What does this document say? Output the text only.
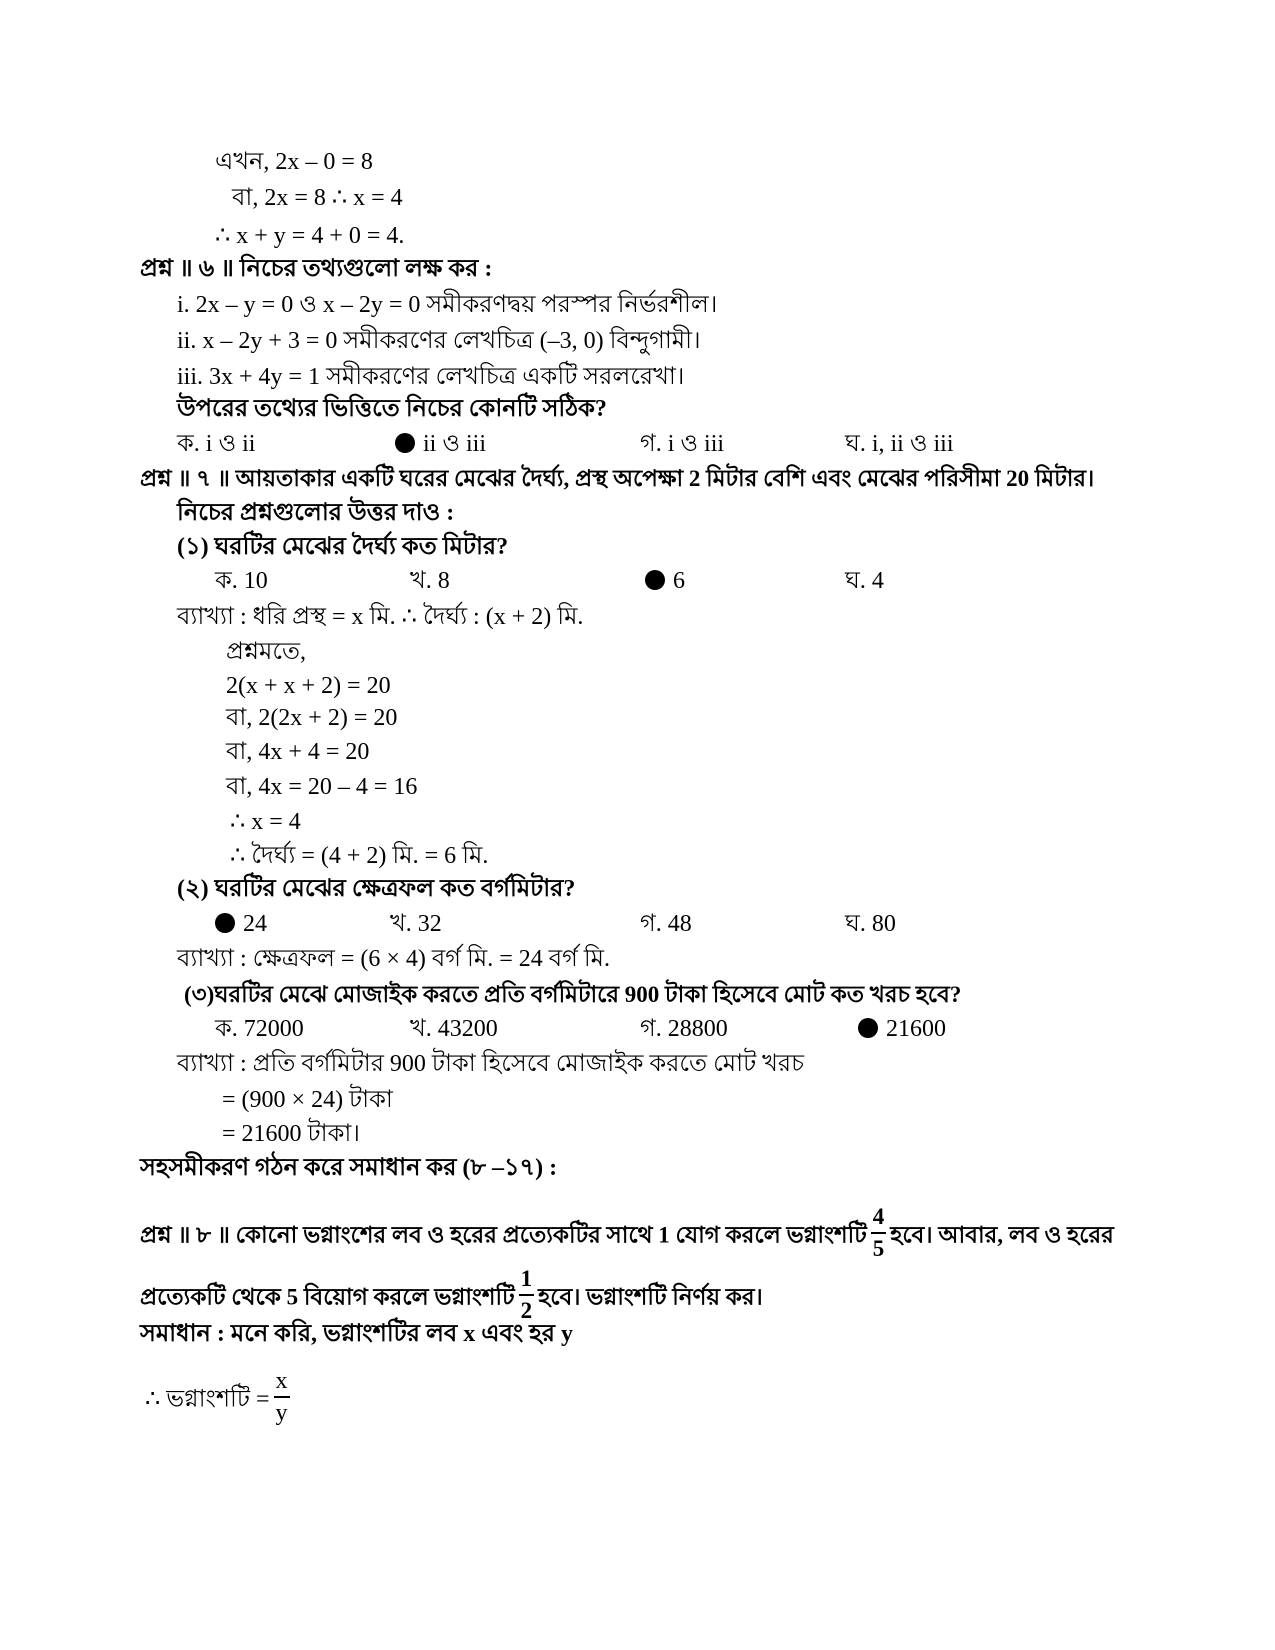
এখন, 2x – 0 = 8
বা, 2x = 8 ∴ x = 4
∴ x + y = 4 + 0 = 4.
প্রশ্ন ॥ ৬ ॥ নিচের তথ্যগুলো লক্ষ কর :
i. 2x – y = 0 ও x – 2y = 0 সমীকরণদ্বয় পরস্পর নির্ভরশীল।
ii. x – 2y + 3 = 0 সমীকরণের লেখচিত্র (–3, 0) বিন্দুগামী।
iii. 3x + 4y = 1 সমীকরণের লেখচিত্র একটি সরলরেখা।
উপরের তথ্যের ভিত্তিতে নিচের কোনটি সঠিক?
ক. i ও ii	ii ও iii	গ. i ও iii	ঘ. i, ii ও iii
প্রশ্ন ॥ ৭ ॥ আয়তাকার একটি ঘরের মেঝের দৈর্ঘ্য, প্রস্থ অপেক্ষা 2 মিটার বেশি এবং মেঝের পরিসীমা 20 মিটার।
নিচের প্রশ্নগুলোর উত্তর দাও :
(১) ঘরটির মেঝের দৈর্ঘ্য কত মিটার?
ক. 10	খ. 8	6	ঘ. 4
ব্যাখ্যা : ধরি প্রস্থ = x মি. ∴ দৈর্ঘ্য : (x + 2) মি.
প্রশ্নমতে,
2(x + x + 2) = 20
বা, 2(2x + 2) = 20
বা, 4x + 4 = 20
বা, 4x = 20 – 4 = 16
∴ x = 4
∴ দৈর্ঘ্য = (4 + 2) মি. = 6 মি.
(২) ঘরটির মেঝের ক্ষেত্রফল কত বর্গমিটার?
24	খ. 32	গ. 48	ঘ. 80
ব্যাখ্যা : ক্ষেত্রফল = (6 × 4) বর্গ মি. = 24 বর্গ মি.
(৩)ঘরটির মেঝে মোজাইক করতে প্রতি বর্গমিটারে 900 টাকা হিসেবে মোট কত খরচ হবে?
ক. 72000	খ. 43200	গ. 28800	21600
ব্যাখ্যা : প্রতি বর্গমিটার 900 টাকা হিসেবে মোজাইক করতে মোট খরচ
= (900 × 24) টাকা
= 21600 টাকা।
সহসমীকরণ গঠন করে সমাধান কর (৮ –১৭) :
প্রশ্ন ॥ ৮ ॥ কোনো ভগ্নাংশের লব ও হরের প্রত্যেকটির সাথে 1 যোগ করলে ভগ্নাংশটি $\frac{4}{5}$ হবে। আবার, লব ও হরের
প্রত্যেকটি থেকে 5 বিয়োগ করলে ভগ্নাংশটি $\frac{1}{2}$ হবে। ভগ্নাংশটি নির্ণয় কর।
সমাধান : মনে করি, ভগ্নাংশটির লব x এবং হর y
∴ ভগ্নাংশটি = $\frac{x}{y}$
